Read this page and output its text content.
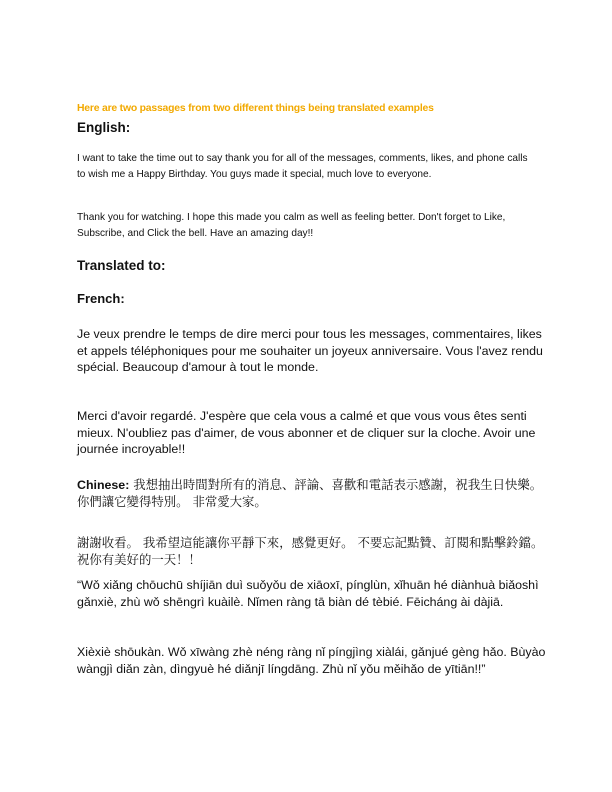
Here are two passages from two different things being translated examples

English:

I want to take the time out to say thank you for all of the messages, comments, likes, and phone calls to wish me a Happy Birthday. You guys made it special, much love to everyone.

Thank you for watching. I hope this made you calm as well as feeling better. Don't forget to Like, Subscribe, and Click the bell. Have an amazing day!!

Translated to:

French:

Je veux prendre le temps de dire merci pour tous les messages, commentaires, likes et appels téléphoniques pour me souhaiter un joyeux anniversaire. Vous l'avez rendu spécial. Beaucoup d'amour à tout le monde.

Merci d'avoir regardé. J'espère que cela vous a calmé et que vous vous êtes senti mieux. N'oubliez pas d'aimer, de vous abonner et de cliquer sur la cloche. Avoir une journée incroyable!!

Chinese: 我想抽出時間對所有的消息、評論、喜歡和電話表示感謝，祝我生日快樂。 你們讓它變得特別。 非常愛大家。

謝謝收看。 我希望這能讓你平靜下來，感覺更好。 不要忘記點贊、訂閱和點擊鈴鐺。 祝你有美好的一天！！

“Wǒ xiǎng chōuchū shíjiān duì suǒyǒu de xiāoxī, pínglùn, xǐhuān hé diànhuà biǎoshì gǎnxiè, zhù wǒ shēngrì kuàilè. Nǐmen ràng tā biàn dé tèbié. Fēicháng ài dàjiā.

Xièxiè shōukàn. Wǒ xīwàng zhè néng ràng nǐ píngjìng xiàlái, gǎnjué gèng hǎo. Bùyào wàngjì diǎn zàn, dìngyuè hé diǎnjī língdāng. Zhù nǐ yǒu měihǎo de yītiān!!”
